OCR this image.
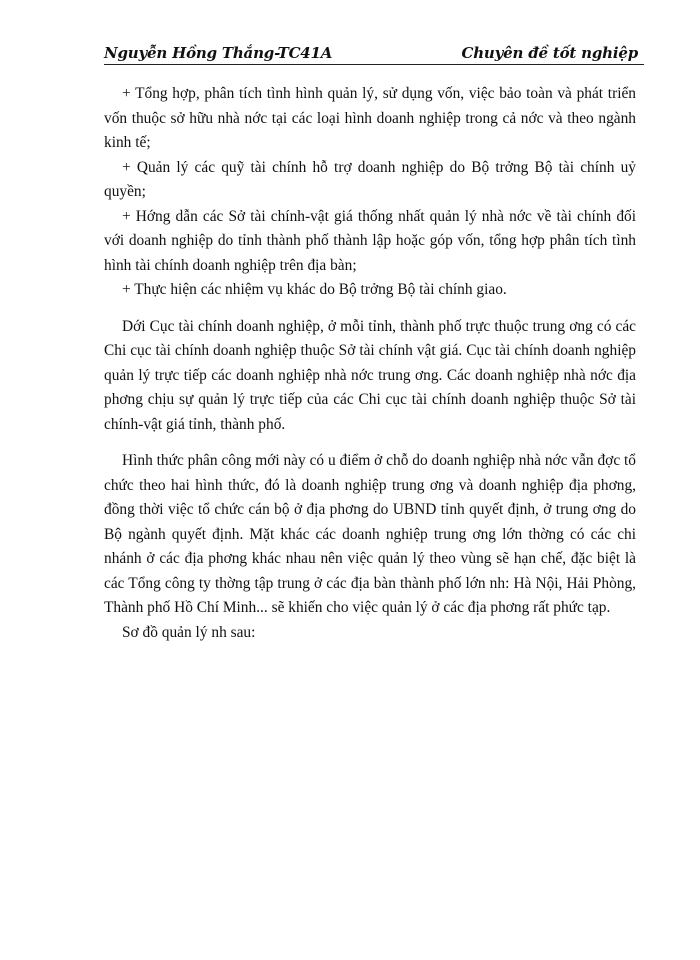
Nguyễn Hồng Thắng-TC41A	Chuyên đề tốt nghiệp

+ Tổng hợp, phân tích tình hình quản lý, sử dụng vốn, việc bảo toàn và phát triển vốn thuộc sở hữu nhà nớc tại các loại hình doanh nghiệp trong cả nớc và theo ngành kinh tế;

+ Quản lý các quỹ tài chính hỗ trợ doanh nghiệp do Bộ trởng Bộ tài chính uỷ quyền;

+ Hớng dẫn các Sở tài chính-vật giá thống nhất quản lý nhà nớc về tài chính đối với doanh nghiệp do tỉnh thành phố thành lập hoặc góp vốn, tổng hợp phân tích tình hình tài chính doanh nghiệp trên địa bàn;

+ Thực hiện các nhiệm vụ khác do Bộ trởng Bộ tài chính giao.

Dới Cục tài chính doanh nghiệp, ở mỗi tỉnh, thành phố trực thuộc trung ơng có các Chi cục tài chính doanh nghiệp thuộc Sở tài chính vật giá. Cục tài chính doanh nghiệp quản lý trực tiếp các doanh nghiệp nhà nớc trung ơng. Các doanh nghiệp nhà nớc địa phơng chịu sự quản lý trực tiếp của các Chi cục tài chính doanh nghiệp thuộc Sở tài chính-vật giá tỉnh, thành phố.

Hình thức phân công mới này có u điểm ở chỗ do doanh nghiệp nhà nớc vẫn đợc tổ chức theo hai hình thức, đó là doanh nghiệp trung ơng và doanh nghiệp địa phơng, đồng thời việc tổ chức cán bộ ở địa phơng do UBND tỉnh quyết định, ở trung ơng do Bộ ngành quyết định. Mặt khác các doanh nghiệp trung ơng lớn thờng có các chi nhánh ở các địa phơng khác nhau nên việc quản lý theo vùng sẽ hạn chế, đặc biệt là các Tổng công ty thờng tập trung ở các địa bàn thành phố lớn nh: Hà Nội, Hải Phòng, Thành phố Hồ Chí Minh... sẽ khiến cho việc quản lý ở các địa phơng rất phức tạp.

Sơ đồ quản lý nh sau:
